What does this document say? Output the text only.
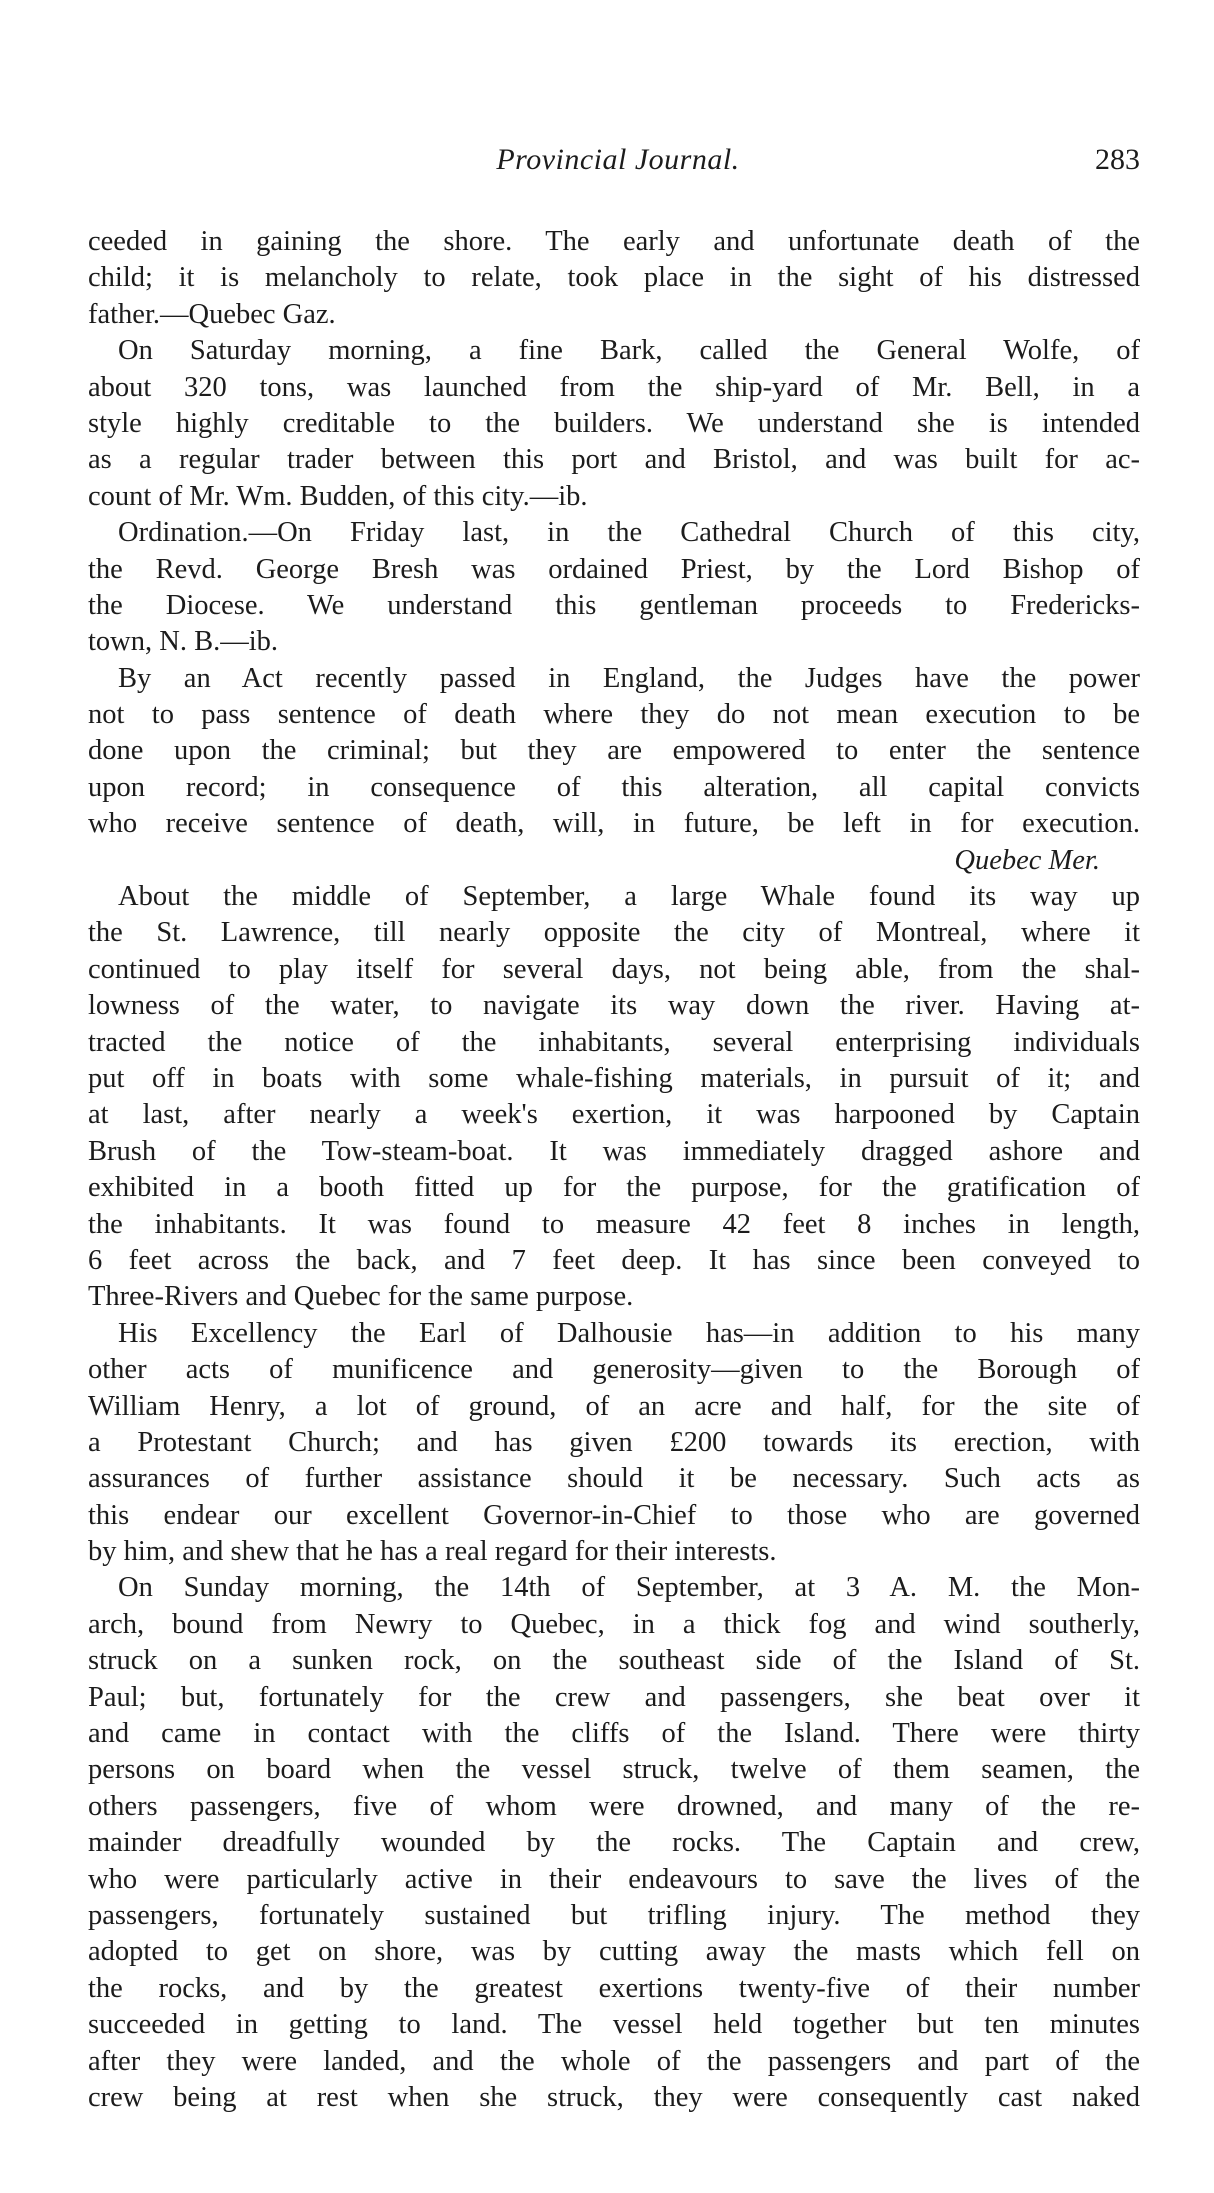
Provincial Journal.	283
ceeded in gaining the shore. The early and unfortunate death of the
child; it is melancholy to relate, took place in the sight of his distressed
father.—Quebec Gaz.
On Saturday morning, a fine Bark, called the General Wolfe, of
about 320 tons, was launched from the ship-yard of Mr. Bell, in a
style highly creditable to the builders. We understand she is intended
as a regular trader between this port and Bristol, and was built for ac-
count of Mr. Wm. Budden, of this city.—ib.
Ordination.—On Friday last, in the Cathedral Church of this city,
the Revd. George Bresh was ordained Priest, by the Lord Bishop of
the Diocese. We understand this gentleman proceeds to Fredericks-
town, N. B.—ib.
By an Act recently passed in England, the Judges have the power
not to pass sentence of death where they do not mean execution to be
done upon the criminal; but they are empowered to enter the sentence
upon record; in consequence of this alteration, all capital convicts
who receive sentence of death, will, in future, be left in for execution.
Quebec Mer.
About the middle of September, a large Whale found its way up
the St. Lawrence, till nearly opposite the city of Montreal, where it
continued to play itself for several days, not being able, from the shal-
lowness of the water, to navigate its way down the river. Having at-
tracted the notice of the inhabitants, several enterprising individuals
put off in boats with some whale-fishing materials, in pursuit of it; and
at last, after nearly a week's exertion, it was harpooned by Captain
Brush of the Tow-steam-boat. It was immediately dragged ashore and
exhibited in a booth fitted up for the purpose, for the gratification of
the inhabitants. It was found to measure 42 feet 8 inches in length,
6 feet across the back, and 7 feet deep. It has since been conveyed to
Three-Rivers and Quebec for the same purpose.
His Excellency the Earl of Dalhousie has—in addition to his many
other acts of munificence and generosity—given to the Borough of
William Henry, a lot of ground, of an acre and half, for the site of
a Protestant Church; and has given £200 towards its erection, with
assurances of further assistance should it be necessary. Such acts as
this endear our excellent Governor-in-Chief to those who are governed
by him, and shew that he has a real regard for their interests.
On Sunday morning, the 14th of September, at 3 A. M. the Mon-
arch, bound from Newry to Quebec, in a thick fog and wind southerly,
struck on a sunken rock, on the southeast side of the Island of St.
Paul; but, fortunately for the crew and passengers, she beat over it
and came in contact with the cliffs of the Island. There were thirty
persons on board when the vessel struck, twelve of them seamen, the
others passengers, five of whom were drowned, and many of the re-
mainder dreadfully wounded by the rocks. The Captain and crew,
who were particularly active in their endeavours to save the lives of the
passengers, fortunately sustained but trifling injury. The method they
adopted to get on shore, was by cutting away the masts which fell on
the rocks, and by the greatest exertions twenty-five of their number
succeeded in getting to land. The vessel held together but ten minutes
after they were landed, and the whole of the passengers and part of the
crew being at rest when she struck, they were consequently cast naked
